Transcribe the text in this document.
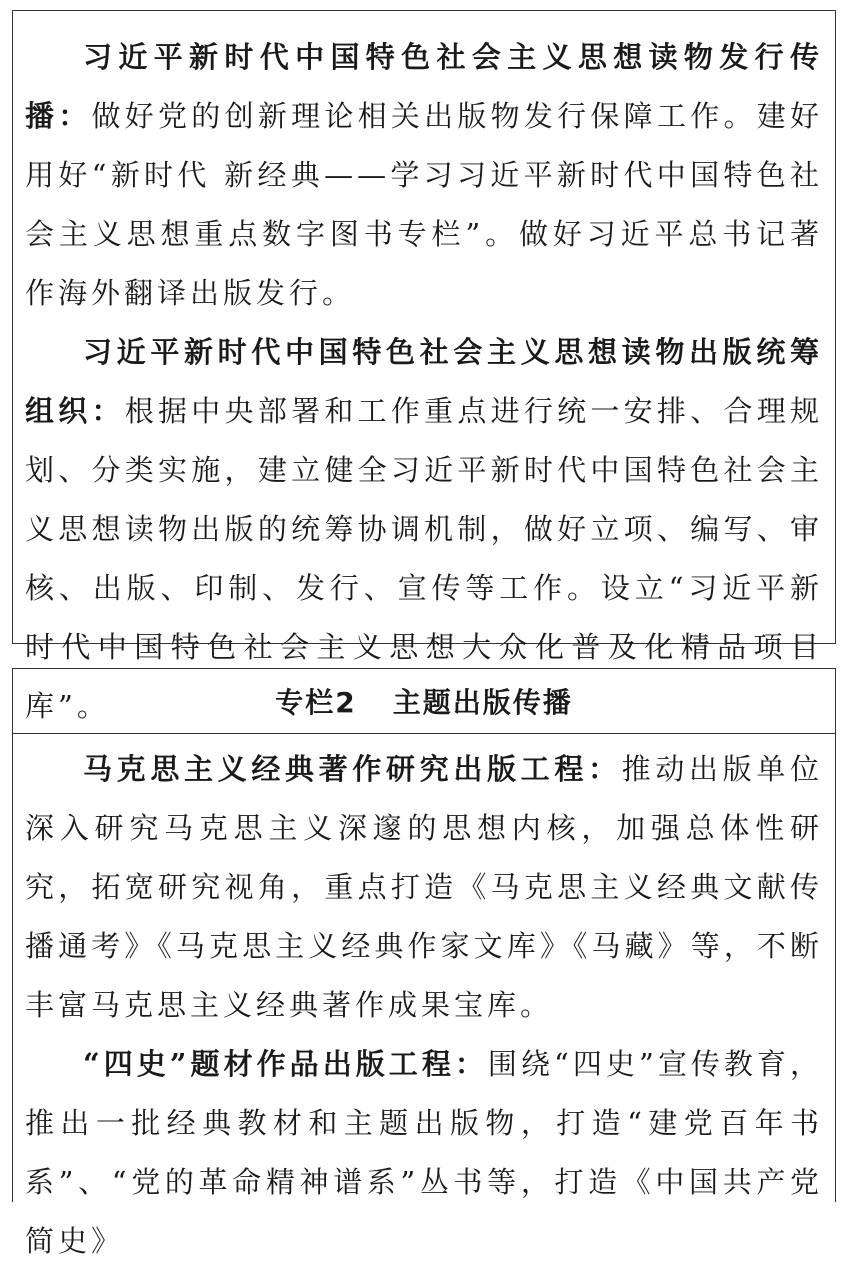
习近平新时代中国特色社会主义思想读物发行传播：做好党的创新理论相关出版物发行保障工作。建好用好“新时代 新经典——学习习近平新时代中国特色社会主义思想重点数字图书专栏”。做好习近平总书记著作海外翻译出版发行。

习近平新时代中国特色社会主义思想读物出版统筹组织：根据中央部署和工作重点进行统一安排、合理规划、分类实施，建立健全习近平新时代中国特色社会主义思想读物出版的统筹协调机制，做好立项、编写、审核、出版、印制、发行、宣传等工作。设立“习近平新时代中国特色社会主义思想大众化普及化精品项目库”。	专栏2 主题出版传播

马克思主义经典著作研究出版工程：推动出版单位深入研究马克思主义深邃的思想内核，加强总体性研究，拓宽研究视角，重点打造《马克思主义经典文献传播通考》《马克思主义经典作家文库》《马藏》等，不断丰富马克思主义经典著作成果宝库。

“四史”题材作品出版工程：围绕“四史”宣传教育，推出一批经典教材和主题出版物，打造“建党百年书系”、“党的革命精神谱系”丛书等，打造《中国共产党简史》
